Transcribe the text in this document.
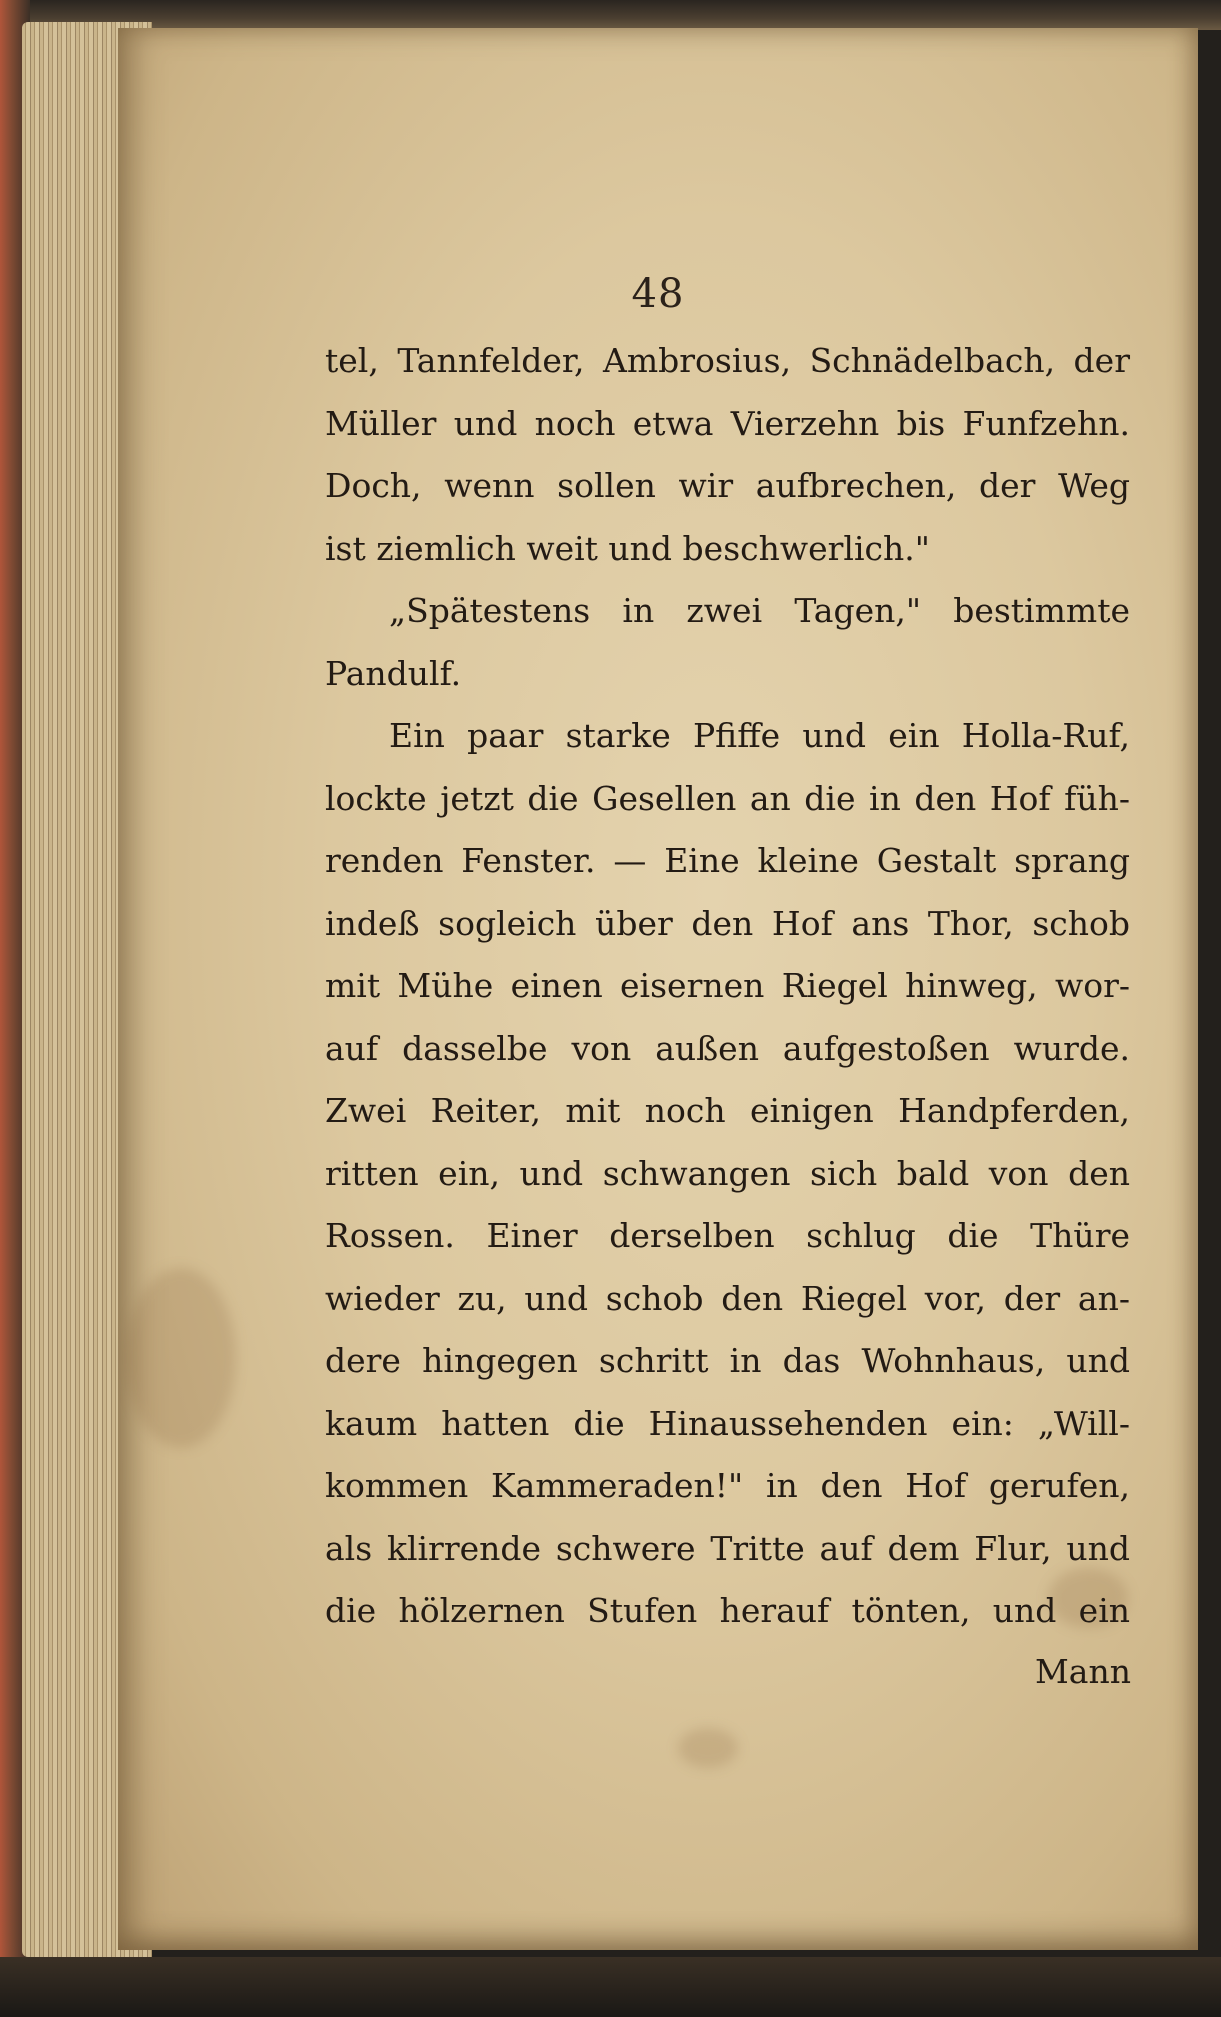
48
tel, Tannfelder, Ambrosius, Schnädelbach, der
Müller und noch etwa Vierzehn bis Funfzehn.
Doch, wenn sollen wir aufbrechen, der Weg
ist ziemlich weit und beschwerlich."
„Spätestens in zwei Tagen," bestimmte
Pandulf.
Ein paar starke Pfiffe und ein Holla-Ruf,
lockte jetzt die Gesellen an die in den Hof füh-
renden Fenster. — Eine kleine Gestalt sprang
indeß sogleich über den Hof ans Thor, schob
mit Mühe einen eisernen Riegel hinweg, wor-
auf dasselbe von außen aufgestoßen wurde.
Zwei Reiter, mit noch einigen Handpferden,
ritten ein, und schwangen sich bald von den
Rossen. Einer derselben schlug die Thüre
wieder zu, und schob den Riegel vor, der an-
dere hingegen schritt in das Wohnhaus, und
kaum hatten die Hinaussehenden ein: „Will-
kommen Kammeraden!" in den Hof gerufen,
als klirrende schwere Tritte auf dem Flur, und
die hölzernen Stufen herauf tönten, und ein
Mann
